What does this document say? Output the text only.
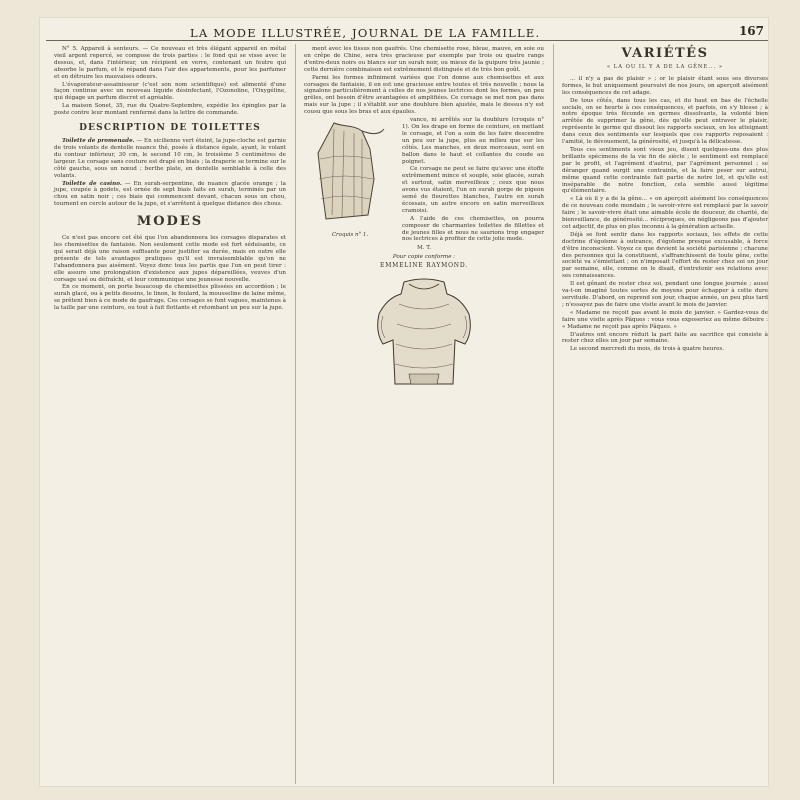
LA MODE ILLUSTRÉE, JOURNAL DE LA FAMILLE.	167

N° 5. Appareil à senteurs. — Ce nouveau et très élégant appareil en métal vieil argent repercé, se compose de trois parties : le fond qui se visse avec le dessus, et, dans l'intérieur, un récipient en verre, contenant un feutre qui absorbe le parfum, et le répand dans l'air des appartements, pour les parfumer et en détruire les mauvaises odeurs.

L'évaporateur-assainisseur (c'est son nom scientifique) est alimenté d'une façon continue avec un nouveau liquide désinfectant, l'Ozonoline, l'Oxygéline, qui dégage un parfum discret et agréable.

La maison Sonet, 35, rue du Quatre-Septembre, expédie les épingles par la poste contre leur montant renfermé dans la lettre de commande.

DESCRIPTION DE TOILETTES

Toilette de promenade. — En sicilienne vert éteint, la jupe-cloche est garnie de trois volants de dentelle nuance thé, posés à distance égale, ayant, le volant du contour inférieur, 30 cm, le second 10 cm, le troisième 5 centimètres de largeur. Le corsage sans couture est drapé en biais ; la draperie se termine sur le côté gauche, sous un nœud ; berthe plate, en dentelle semblable à celle des volants.

Toilette de casino. — En surah-serpentine, de nuance glacée orange ; la jupe, coupée à godets, est ornée de sept biais faits en surah, terminés par un chou en satin noir ; ces biais qui commencent devant, chacun sous un chou, tournent en cercle autour de la jupe, et s'arrêtent à quelque distance des chous.

MODES

Ce n'est pas encore cet été que l'on abandonnera les corsages disparates et les chemisettes de fantaisie. Non seulement cette mode est fort séduisante, ce qui serait déjà une raison suffisante pour justifier sa durée, mais en outre elle présente de tels avantages pratiques qu'il est invraisemblable qu'on ne l'abandonnera pas aisément. Voyez donc tous les partis que l'on en peut tirer : elle assure une prolongation d'existence aux jupes dépareillées, veuves d'un corsage usé ou défraîchi, et leur communique une jeunesse nouvelle.

En ce moment, on porte beaucoup de chemisettes plissées en accordéon ; le surah glacé, ou à petits dessins, le linon, le foulard, la mousseline de laine même, se prêtent bien à ce mode de gaufrage. Ces corsages se font vagues, maintenus à la taille par une ceinture, ou tout à fait flottants et retombant un peu sur la jupe.

ment avec les tissus non gaufrés. Une chemisette rose, bleue, mauve, en soie ou en crêpe de Chine, sera très gracieuse par exemple par trois ou quatre rangs d'entre-deux noirs ou blancs sur un surah noir, ou mieux de la guipure très jaunie ; cette dernière combinaison est extrêmement distinguée et de très bon goût.

Parmi les formes infiniment variées que l'on donne aux chemisettes et aux corsages de fantaisie, il en est une gracieuse entre toutes et très nouvelle ; nous la signalons particulièrement à celles de nos jeunes lectrices dont les formes, un peu grêles, ont besoin d'être avantagées et amplifiées. Ce corsage se met non pas dans mais sur la jupe ; il s'établit sur une doublure bien ajustée, mais le dessus n'y est cousu que sous les bras et aux épaules.

Croquis n° 1.

vance, ni arrêtés sur la doublure (croquis n° 1). On les drape en forme de ceinture, en mettant le corsage, et l'on a soin de les faire descendre un peu sur la jupe, plus au milieu que sur les côtés. Les manches, en deux morceaux, sont en ballon dans le haut et collantes du coude au poignet.

Ce corsage ne peut se faire qu'avec une étoffe extrêmement mince et souple, soie glacée, surah et surtout, satin merveilleux ; ceux que nous avons vus étaient, l'un en surah gorge de pigeon semé de fleurettes blanches, l'autre en surah écossais, un autre encore en satin merveilleux cramoisi.

A l'aide de ces chemisettes, on pourra composer de charmantes toilettes de fillettes et de jeunes filles et nous ne saurions trop engager nos lectrices à profiter de cette jolie mode.

M. T.
Pour copie conforme :
EMMELINE RAYMOND.
VARIÉTÉS
« LA OU IL Y A DE LA GÊNE... »

... il n'y a pas de plaisir » ; or le plaisir étant sous ses diverses formes, le but uniquement poursuivi de nos jours, on aperçoit aisément les conséquences de cet adage.

De tous côtés, dans tous les cas, et du haut en bas de l'échelle sociale, on se heurte à ces conséquences, et parfois, on s'y blesse ; à notre époque très féconde en germes dissolvants, la volonté bien arrêtée de supprimer la gêne, dès qu'elle peut entraver le plaisir, représente le germe qui dissout les rapports sociaux, en les atteignant dans ceux des sentiments sur lesquels que ces rapports reposaient : l'amitié, le dévouement, la générosité, et jusqu'à la délicatesse.

Tous ces sentiments sont vieux jeu, disent quelques-uns des plus brillants spécimens de la vie fin de siècle ; le sentiment est remplacé par le profit, et l'agrément d'autrui, par l'agrément personnel ; se déranger quand surgit une contrainte, et la faire peser sur autrui, même quand cette contrainte fait partie de notre lot, et qu'elle est inséparable de notre fonction, cela semble aussi légitime qu'élémentaire.

« Là où il y a de la gêne... » on aperçoit aisément les conséquences de ce nouveau code mondain ; le savoir-vivre est remplacé par le savoir faire ; le savoir-vivre était une aimable école de douceur, de charité, de bienveillance, de générosité... réciproques, on négligeons pas d'ajouter cet adjectif, de plus en plus inconnu à la génération actuelle.

Déjà se font sentir dans les rapports sociaux, les effets de cette doctrine d'égoïsme à outrance, d'égoïsme presque excusable, à force d'être inconscient. Voyez ce que devient la société parisienne ; chacune des personnes qui la constituent, s'affranchissent de toute gêne, cette société va s'émiettant ; on n'imposait l'effort de rester chez soi un jour par semaine, elle, comme on le disait, d'entretenir ses relations avec ses connaissances.

Il est gênant de rester chez soi, pendant une longue journée ; aussi va-t-on imaginé toutes sortes de moyens pour échapper à cette dure servitude. D'abord, on reprend son jour, chaque année, un peu plus tard ; n'essayez pas de faire une visite avant le mois de janvier.

« Madame ne reçoit pas avant le mois de janvier. » Gardez-vous de faire une visite après Pâques : vous vous exposeriez au même déboire : « Madame ne reçoit pas après Pâques. »

D'autres ont encore réduit la part faite au sacrifice qui consiste à rester chez elles un jour par semaine.

Le second mercredi du mois, de trois à quatre heures.
